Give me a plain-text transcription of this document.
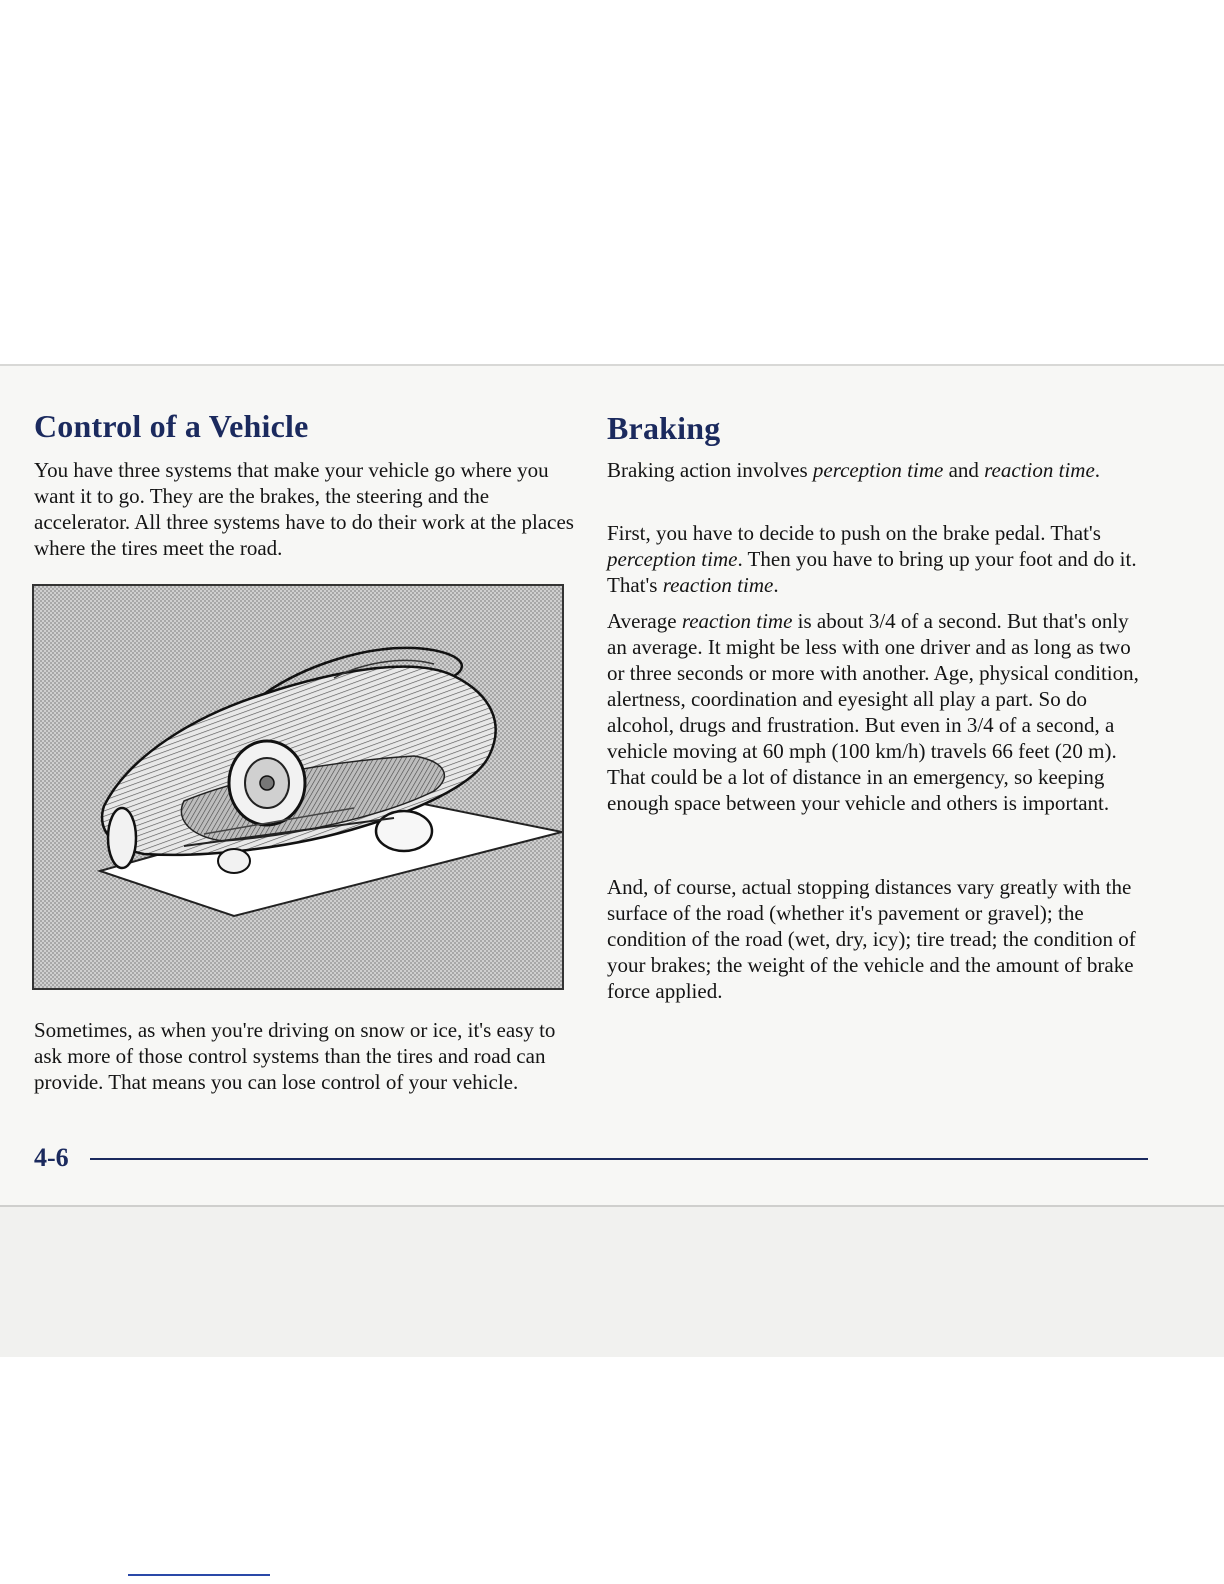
Control of a Vehicle

You have three systems that make your vehicle go where you want it to go. They are the brakes, the steering and the accelerator. All three systems have to do their work at the places where the tires meet the road.

Sometimes, as when you're driving on snow or ice, it's easy to ask more of those control systems than the tires and road can provide. That means you can lose control of your vehicle.

Braking

Braking action involves perception time and reaction time.

First, you have to decide to push on the brake pedal. That's perception time. Then you have to bring up your foot and do it. That's reaction time.

Average reaction time is about 3/4 of a second. But that's only an average. It might be less with one driver and as long as two or three seconds or more with another. Age, physical condition, alertness, coordination and eyesight all play a part. So do alcohol, drugs and frustration. But even in 3/4 of a second, a vehicle moving at 60 mph (100 km/h) travels 66 feet (20 m). That could be a lot of distance in an emergency, so keeping enough space between your vehicle and others is important.

And, of course, actual stopping distances vary greatly with the surface of the road (whether it's pavement or gravel); the condition of the road (wet, dry, icy); tire tread; the condition of your brakes; the weight of the vehicle and the amount of brake force applied.

4-6
